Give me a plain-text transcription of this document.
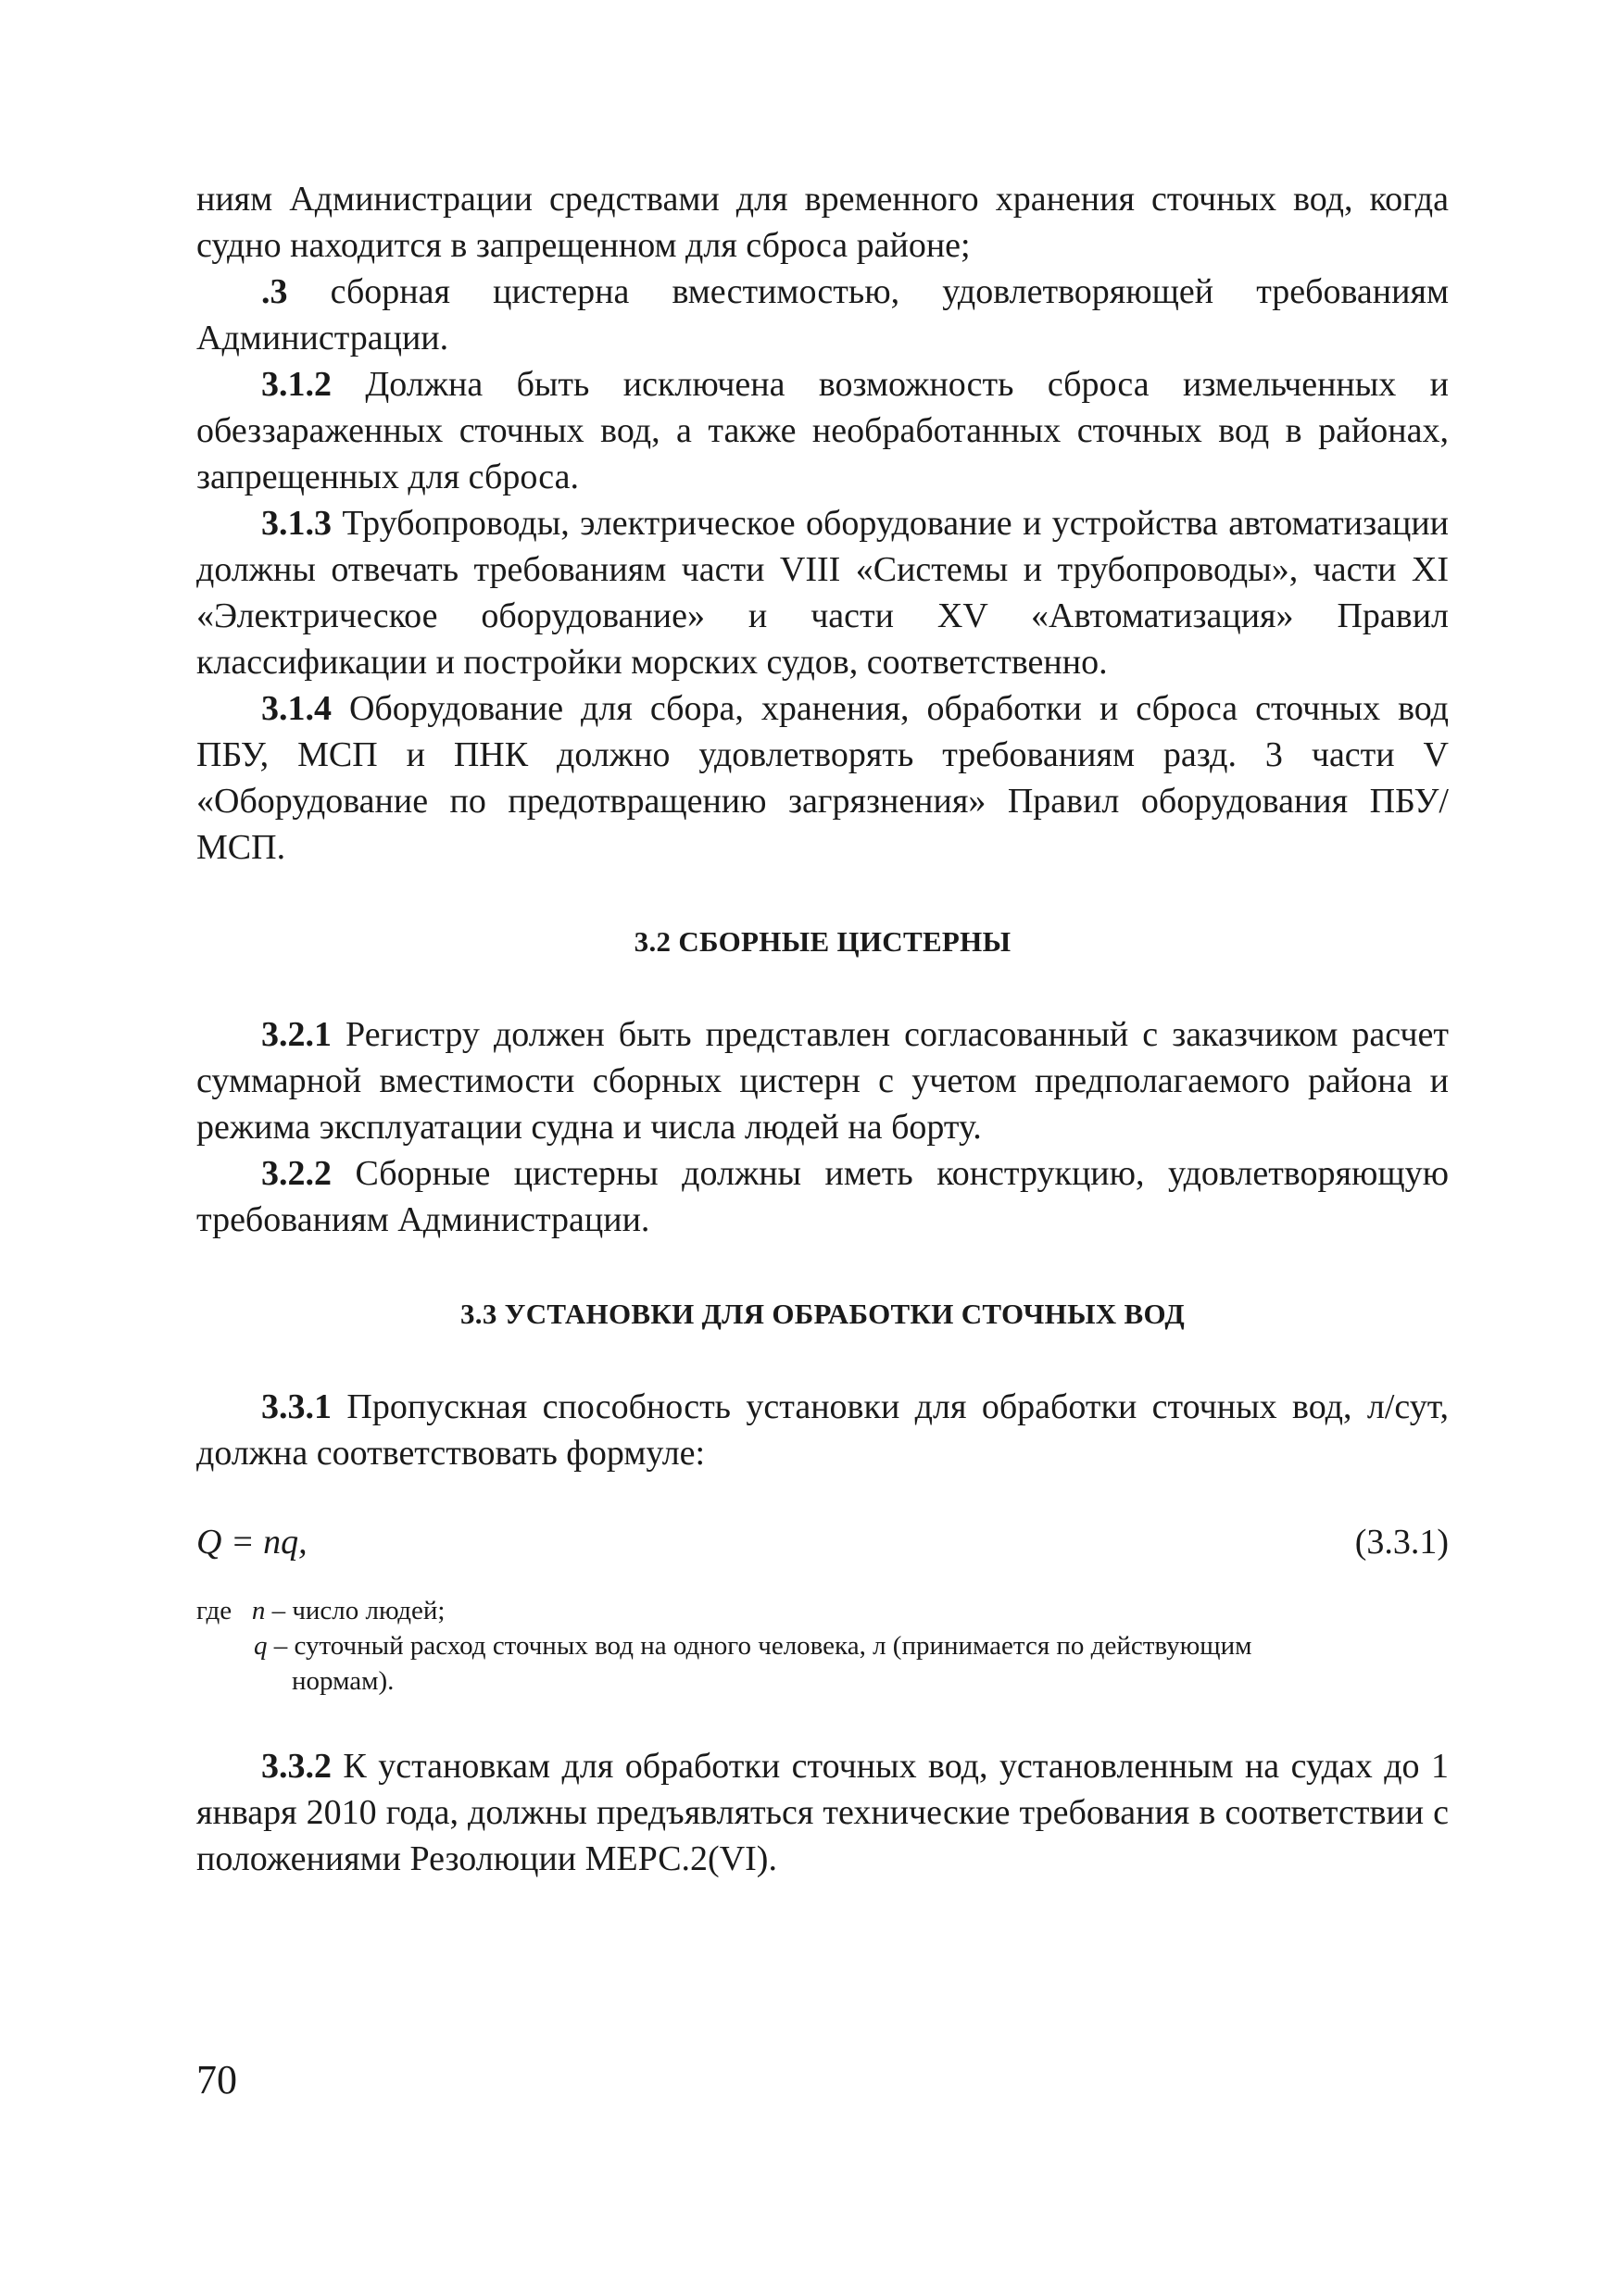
ниям Администрации средствами для временного хранения сточных вод, когда судно находится в запрещенном для сброса районе;

.3 сборная цистерна вместимостью, удовлетворяющей требованиям Администрации.

3.1.2 Должна быть исключена возможность сброса измельченных и обеззараженных сточных вод, а также необработанных сточных вод в районах, запрещенных для сброса.

3.1.3 Трубопроводы, электрическое оборудование и устройства автоматизации должны отвечать требованиям части VIII «Системы и трубопроводы», части XI «Электрическое оборудование» и части XV «Автоматизация» Правил классификации и постройки морских судов, соответственно.

3.1.4 Оборудование для сбора, хранения, обработки и сброса сточных вод ПБУ, МСП и ПНК должно удовлетворять требованиям разд. 3 части V «Оборудование по предотвращению загрязнения» Правил оборудования ПБУ/МСП.

3.2 СБОРНЫЕ ЦИСТЕРНЫ

3.2.1 Регистру должен быть представлен согласованный с заказчиком расчет суммарной вместимости сборных цистерн с учетом предполагаемого района и режима эксплуатации судна и числа людей на борту.

3.2.2 Сборные цистерны должны иметь конструкцию, удовлетворяющую требованиям Администрации.

3.3 УСТАНОВКИ ДЛЯ ОБРАБОТКИ СТОЧНЫХ ВОД

3.3.1 Пропускная способность установки для обработки сточных вод, л/сут, должна соответствовать формуле:

Q = nq,	(3.3.1)

где n – число людей;

q – суточный расход сточных вод на одного человека, л (принимается по действующим

нормам).

3.3.2 К установкам для обработки сточных вод, установленным на судах до 1 января 2010 года, должны предъявляться технические требования в соответствии с положениями Резолюции МЕРС.2(VI).

70
